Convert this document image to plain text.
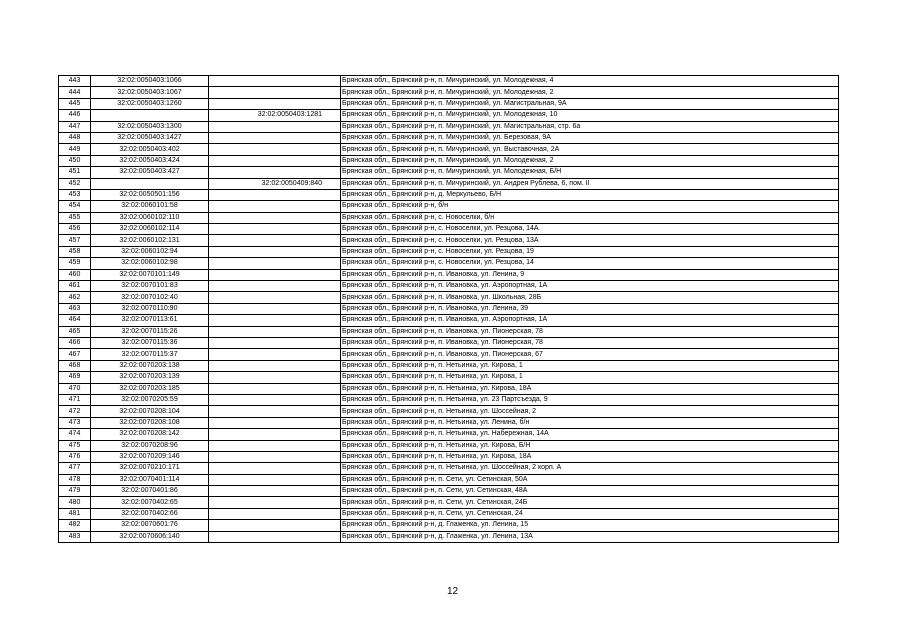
443	32:02:0050403:1066		Брянская обл., Брянский р-н, п. Мичуринский, ул. Молодежная, 4
444	32:02:0050403:1067		Брянская обл., Брянский р-н, п. Мичуринский, ул. Молодежная, 2
445	32:02:0050403:1260		Брянская обл., Брянский р-н, п. Мичуринский, ул. Магистральная, 9А
446		32:02:0050403:1281	Брянская обл., Брянский р-н, п. Мичуринский, ул. Молодежная, 10
447	32:02:0050403:1300		Брянская обл., Брянский р-н, п. Мичуринский, ул. Магистральная, стр. 6а
448	32:02:0050403:1427		Брянская обл., Брянский р-н, п. Мичуринский, ул. Березовая, 9А
449	32:02:0050403:402		Брянская обл., Брянский р-н, п. Мичуринский, ул. Выставочная, 2А
450	32:02:0050403:424		Брянская обл., Брянский р-н, п. Мичуринский, ул. Молодежная, 2
451	32:02:0050403:427		Брянская обл., Брянский р-н, п. Мичуринский, ул. Молодежная, Б/Н
452		32:02:0050409:840	Брянская обл., Брянский р-н, п. Мичуринский, ул. Андрея Рублева, 6, пом. II
453	32:02:0050501:156		Брянская обл., Брянский р-н, д. Меркульево, Б/Н
454	32:02:0060101:58		Брянская обл., Брянский р-н, б/н
455	32:02:0060102:110		Брянская обл., Брянский р-н, с. Новоселки, б/н
456	32:02:0060102:114		Брянская обл., Брянский р-н, с. Новоселки, ул. Резцова, 14А
457	32:02:0060102:131		Брянская обл., Брянский р-н, с. Новоселки, ул. Резцова, 13А
458	32:02:0060102:94		Брянская обл., Брянский р-н, с. Новоселки, ул. Резцова, 19
459	32:02:0060102:98		Брянская обл., Брянский р-н, с. Новоселки, ул. Резцова, 14
460	32:02:0070101:149		Брянская обл., Брянский р-н, п. Ивановка, ул. Ленина, 9
461	32:02:0070101:83		Брянская обл., Брянский р-н, п. Ивановка, ул. Аэропортная, 1А
462	32:02:0070102:40		Брянская обл., Брянский р-н, п. Ивановка, ул. Школьная, 28Б
463	32:02:0070110:90		Брянская обл., Брянский р-н, п. Ивановка, ул. Ленина, 39
464	32:02:0070113:61		Брянская обл., Брянский р-н, п. Ивановка, ул. Аэропортная, 1А
465	32:02:0070115:26		Брянская обл., Брянский р-н, п. Ивановка, ул. Пионерская, 78
466	32:02:0070115:36		Брянская обл., Брянский р-н, п. Ивановка, ул. Пионерская, 78
467	32:02:0070115:37		Брянская обл., Брянский р-н, п. Ивановка, ул. Пионерская, 67
468	32:02:0070203:138		Брянская обл., Брянский р-н, п. Нетьинка, ул. Кирова, 1
469	32:02:0070203:139		Брянская обл., Брянский р-н, п. Нетьинка, ул. Кирова, 1
470	32:02:0070203:185		Брянская обл., Брянский р-н, п. Нетьинка, ул. Кирова, 18А
471	32:02:0070205:59		Брянская обл., Брянский р-н, п. Нетьинка, ул. 23 Партсъезда, 9
472	32:02:0070208:104		Брянская обл., Брянский р-н, п. Нетьинка, ул. Шоссейная, 2
473	32:02:0070208:108		Брянская обл., Брянский р-н, п. Нетьинка, ул. Ленина, б/н
474	32:02:0070208:142		Брянская обл., Брянский р-н, п. Нетьинка, ул. Набережная, 14А
475	32:02:0070208:96		Брянская обл., Брянский р-н, п. Нетьинка, ул. Кирова, Б/Н
476	32:02:0070209:146		Брянская обл., Брянский р-н, п. Нетьинка, ул. Кирова, 18А
477	32:02:0070210:171		Брянская обл., Брянский р-н, п. Нетьинка, ул. Шоссейная, 2 корп. А
478	32:02:0070401:114		Брянская обл., Брянский р-н, п. Сети, ул. Сетинская, 50А
479	32:02:0070401:86		Брянская обл., Брянский р-н, п. Сети, ул. Сетинская, 48А
480	32:02:0070402:65		Брянская обл., Брянский р-н, п. Сети, ул. Сетинская, 24Б
481	32:02:0070402:66		Брянская обл., Брянский р-н, п. Сети, ул. Сетинская, 24
482	32:02:0070601:76		Брянская обл., Брянский р-н, д. Глаженка, ул. Ленина, 15
483	32:02:0070606:140		Брянская обл., Брянский р-н, д. Глаженка, ул. Ленина, 13А
12
